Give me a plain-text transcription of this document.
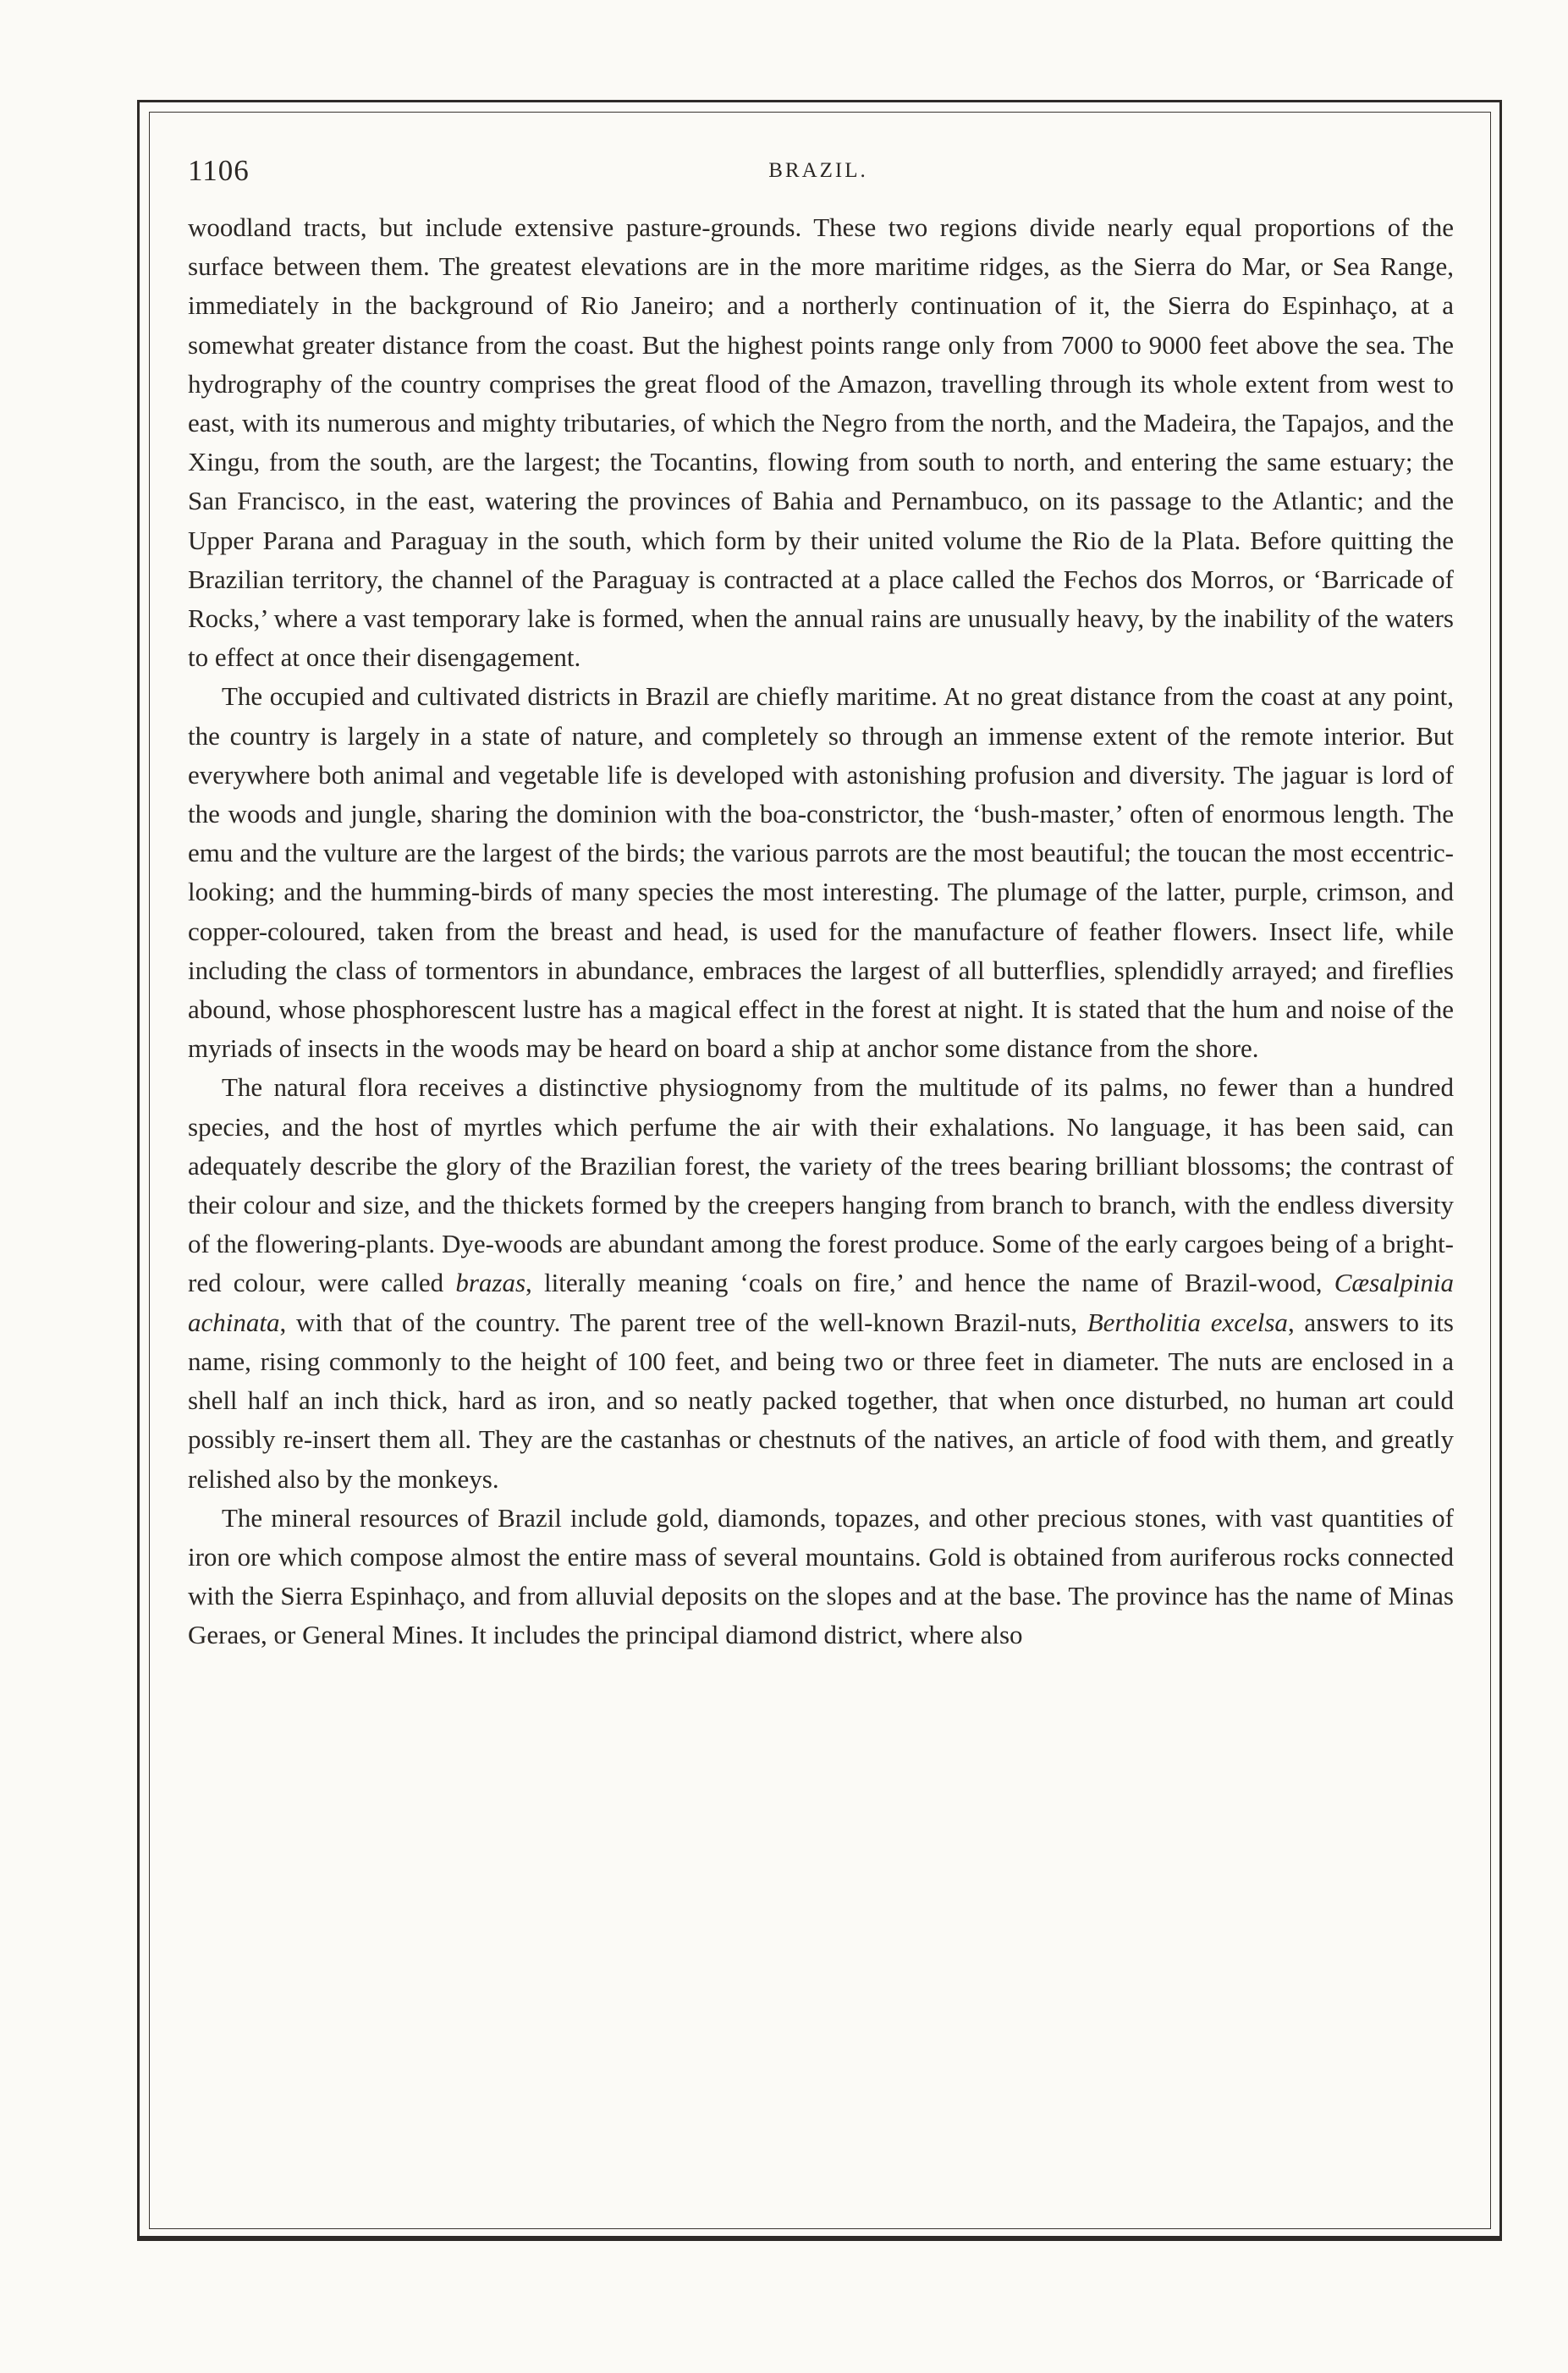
1106	BRAZIL.

woodland tracts, but include extensive pasture-grounds. These two regions divide nearly equal proportions of the surface between them. The greatest elevations are in the more maritime ridges, as the Sierra do Mar, or Sea Range, immediately in the background of Rio Janeiro; and a northerly continuation of it, the Sierra do Espinhaço, at a somewhat greater distance from the coast. But the highest points range only from 7000 to 9000 feet above the sea. The hydrography of the country comprises the great flood of the Amazon, travelling through its whole extent from west to east, with its numerous and mighty tributaries, of which the Negro from the north, and the Madeira, the Tapajos, and the Xingu, from the south, are the largest; the Tocantins, flowing from south to north, and entering the same estuary; the San Francisco, in the east, watering the provinces of Bahia and Pernambuco, on its passage to the Atlantic; and the Upper Parana and Paraguay in the south, which form by their united volume the Rio de la Plata. Before quitting the Brazilian territory, the channel of the Paraguay is contracted at a place called the Fechos dos Morros, or ‘Barricade of Rocks,’ where a vast temporary lake is formed, when the annual rains are unusually heavy, by the inability of the waters to effect at once their disengagement.

The occupied and cultivated districts in Brazil are chiefly maritime. At no great distance from the coast at any point, the country is largely in a state of nature, and completely so through an immense extent of the remote interior. But everywhere both animal and vegetable life is developed with astonishing profusion and diversity. The jaguar is lord of the woods and jungle, sharing the dominion with the boa-constrictor, the ‘bush-master,’ often of enormous length. The emu and the vulture are the largest of the birds; the various parrots are the most beautiful; the toucan the most eccentric-looking; and the humming-birds of many species the most interesting. The plumage of the latter, purple, crimson, and copper-coloured, taken from the breast and head, is used for the manufacture of feather flowers. Insect life, while including the class of tormentors in abundance, embraces the largest of all butterflies, splendidly arrayed; and fireflies abound, whose phosphorescent lustre has a magical effect in the forest at night. It is stated that the hum and noise of the myriads of insects in the woods may be heard on board a ship at anchor some distance from the shore.

The natural flora receives a distinctive physiognomy from the multitude of its palms, no fewer than a hundred species, and the host of myrtles which perfume the air with their exhalations. No language, it has been said, can adequately describe the glory of the Brazilian forest, the variety of the trees bearing brilliant blossoms; the contrast of their colour and size, and the thickets formed by the creepers hanging from branch to branch, with the endless diversity of the flowering-plants. Dye-woods are abundant among the forest produce. Some of the early cargoes being of a bright-red colour, were called brazas, literally meaning ‘coals on fire,’ and hence the name of Brazil-wood, Cæsalpinia achinata, with that of the country. The parent tree of the well-known Brazil-nuts, Bertholitia excelsa, answers to its name, rising commonly to the height of 100 feet, and being two or three feet in diameter. The nuts are enclosed in a shell half an inch thick, hard as iron, and so neatly packed together, that when once disturbed, no human art could possibly re-insert them all. They are the castanhas or chestnuts of the natives, an article of food with them, and greatly relished also by the monkeys.

The mineral resources of Brazil include gold, diamonds, topazes, and other precious stones, with vast quantities of iron ore which compose almost the entire mass of several mountains. Gold is obtained from auriferous rocks connected with the Sierra Espinhaço, and from alluvial deposits on the slopes and at the base. The province has the name of Minas Geraes, or General Mines. It includes the principal diamond district, where also
